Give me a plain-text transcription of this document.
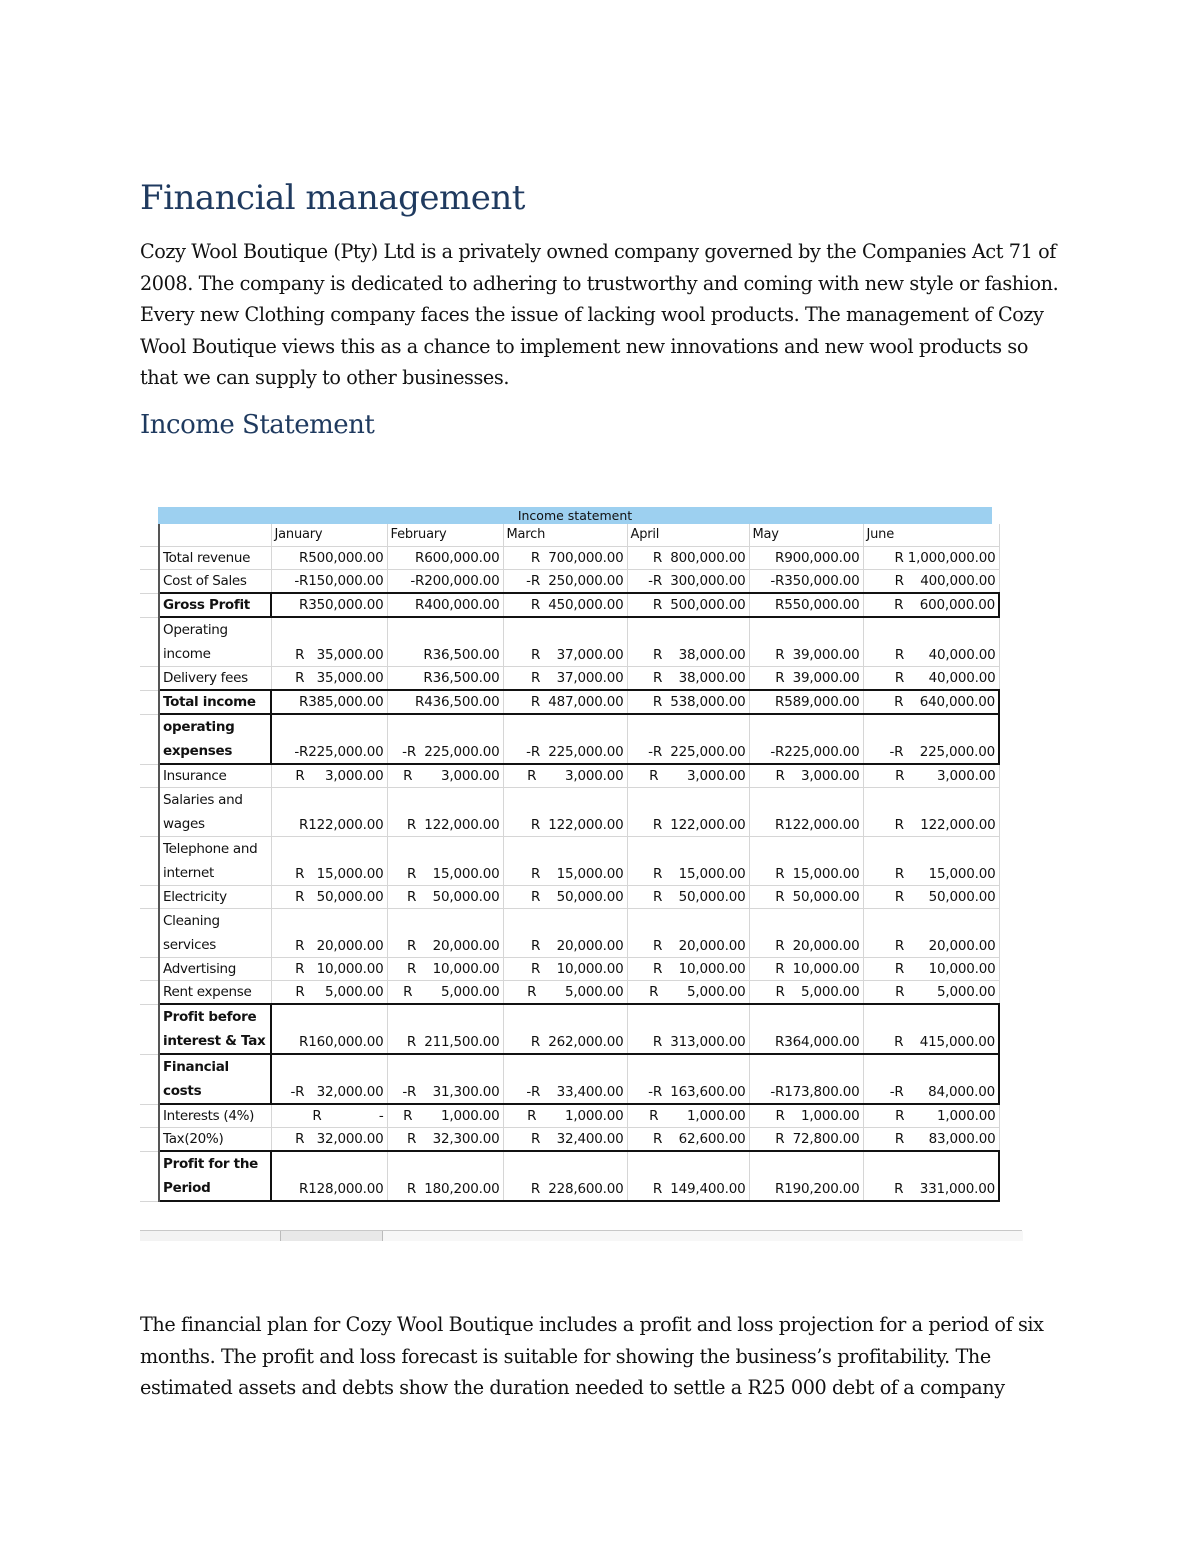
Financial management

Cozy Wool Boutique (Pty) Ltd is a privately owned company governed by the Companies Act 71 of 2008. The company is dedicated to adhering to trustworthy and coming with new style or fashion. Every new Clothing company faces the issue of lacking wool products. The management of Cozy Wool Boutique views this as a chance to implement new innovations and new wool products so that we can supply to other businesses.

Income Statement
Income statement
		January	February	March	April	May	June
	Total revenue	R500,000.00	R600,000.00	R  700,000.00	R  800,000.00	R900,000.00	R 1,000,000.00
	Cost of Sales	-R150,000.00	-R200,000.00	-R  250,000.00	-R  300,000.00	-R350,000.00	R    400,000.00
	Gross Profit	R350,000.00	R400,000.00	R  450,000.00	R  500,000.00	R550,000.00	R    600,000.00
	Operating income	R   35,000.00	R36,500.00	R    37,000.00	R    38,000.00	R  39,000.00	R      40,000.00
	Delivery fees	R   35,000.00	R36,500.00	R    37,000.00	R    38,000.00	R  39,000.00	R      40,000.00
	Total income	R385,000.00	R436,500.00	R  487,000.00	R  538,000.00	R589,000.00	R    640,000.00
	operating expenses	-R225,000.00	-R  225,000.00	-R  225,000.00	-R  225,000.00	-R225,000.00	-R    225,000.00
	Insurance	R     3,000.00	R       3,000.00	R       3,000.00	R       3,000.00	R    3,000.00	R        3,000.00
	Salaries and wages	R122,000.00	R  122,000.00	R  122,000.00	R  122,000.00	R122,000.00	R    122,000.00
	Telephone and internet	R   15,000.00	R    15,000.00	R    15,000.00	R    15,000.00	R  15,000.00	R      15,000.00
	Electricity	R   50,000.00	R    50,000.00	R    50,000.00	R    50,000.00	R  50,000.00	R      50,000.00
	Cleaning services	R   20,000.00	R    20,000.00	R    20,000.00	R    20,000.00	R  20,000.00	R      20,000.00
	Advertising	R   10,000.00	R    10,000.00	R    10,000.00	R    10,000.00	R  10,000.00	R      10,000.00
	Rent expense	R     5,000.00	R       5,000.00	R       5,000.00	R       5,000.00	R    5,000.00	R        5,000.00
	Profit before interest & Tax	R160,000.00	R  211,500.00	R  262,000.00	R  313,000.00	R364,000.00	R    415,000.00
	Financial costs	-R   32,000.00	-R    31,300.00	-R    33,400.00	-R  163,600.00	-R173,800.00	-R      84,000.00
	Interests (4%)	R              -	R       1,000.00	R       1,000.00	R       1,000.00	R    1,000.00	R        1,000.00
	Tax(20%)	R   32,000.00	R    32,300.00	R    32,400.00	R    62,600.00	R  72,800.00	R      83,000.00
	Profit for the Period	R128,000.00	R  180,200.00	R  228,600.00	R  149,400.00	R190,200.00	R    331,000.00

The financial plan for Cozy Wool Boutique includes a profit and loss projection for a period of six months. The profit and loss forecast is suitable for showing the business’s profitability. The estimated assets and debts show the duration needed to settle a R25 000 debt of a company
